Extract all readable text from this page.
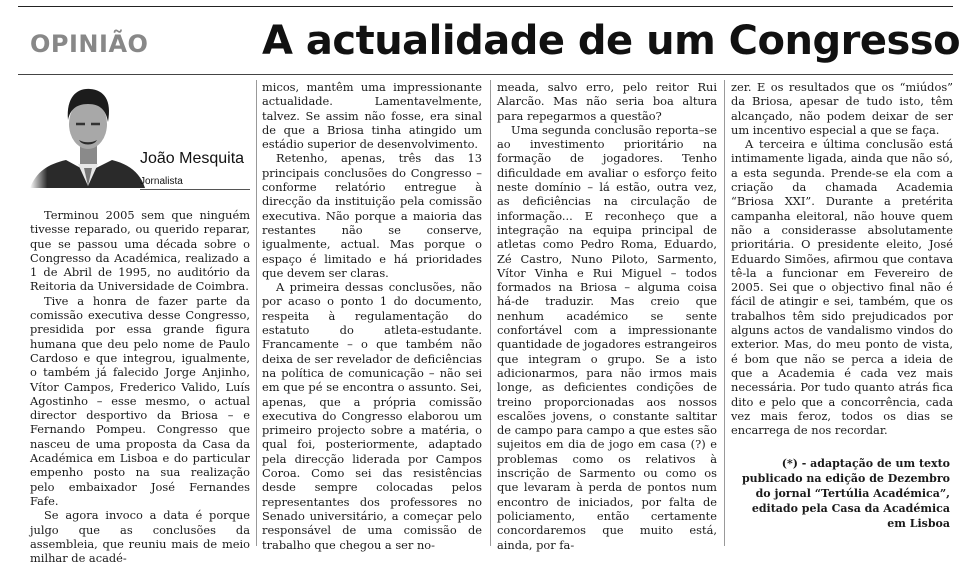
OPINIÃO	A actualidade de um Congresso
João Mesquita
Jornalista

Terminou 2005 sem que ninguém tivesse reparado, ou querido reparar, que se passou uma década sobre o Congresso da Académica, realizado a 1 de Abril de 1995, no auditório da Reitoria da Universidade de Coimbra.

Tive a honra de fazer parte da comissão executiva desse Congresso, presidida por essa grande figura humana que deu pelo nome de Paulo Cardoso e que integrou, igualmente, o também já falecido Jorge Anjinho, Vítor Campos, Frederico Valido, Luís Agostinho – esse mesmo, o actual director desportivo da Briosa – e Fernando Pompeu. Congresso que nasceu de uma proposta da Casa da Académica em Lisboa e do particular empenho posto na sua realização pelo embaixador José Fernandes Fafe.

Se agora invoco a data é porque julgo que as conclusões da assembleia, que reuniu mais de meio milhar de acadé-

micos, mantêm uma impressionante actualidade. Lamentavelmente, talvez. Se assim não fosse, era sinal de que a Briosa tinha atingido um estádio superior de desenvolvimento.

Retenho, apenas, três das 13 principais conclusões do Congresso – conforme relatório entregue à direcção da instituição pela comissão executiva. Não porque a maioria das restantes não se conserve, igualmente, actual. Mas porque o espaço é limitado e há prioridades que devem ser claras.

A primeira dessas conclusões, não por acaso o ponto 1 do documento, respeita à regulamentação do estatuto do atleta-estudante. Francamente – o que também não deixa de ser revelador de deficiências na política de comunicação – não sei em que pé se encontra o assunto. Sei, apenas, que a própria comissão executiva do Congresso elaborou um primeiro projecto sobre a matéria, o qual foi, posteriormente, adaptado pela direcção liderada por Campos Coroa. Como sei das resistências desde sempre colocadas pelos representantes dos professores no Senado universitário, a começar pelo responsável de uma comissão de trabalho que chegou a ser no-

meada, salvo erro, pelo reitor Rui Alarcão. Mas não seria boa altura para repegarmos a questão?

Uma segunda conclusão reporta–se ao investimento prioritário na formação de jogadores. Tenho dificuldade em avaliar o esforço feito neste domínio – lá estão, outra vez, as deficiências na circulação de informação... E reconheço que a integração na equipa principal de atletas como Pedro Roma, Eduardo, Zé Castro, Nuno Piloto, Sarmento, Vítor Vinha e Rui Miguel – todos formados na Briosa – alguma coisa há-de traduzir. Mas creio que nenhum académico se sente confortável com a impressionante quantidade de jogadores estrangeiros que integram o grupo. Se a isto adicionarmos, para não irmos mais longe, as deficientes condições de treino proporcionadas aos nossos escalões jovens, o constante saltitar de campo para campo a que estes são sujeitos em dia de jogo em casa (?) e problemas como os relativos à inscrição de Sarmento ou como os que levaram à perda de pontos num encontro de iniciados, por falta de policiamento, então certamente concordaremos que muito está, ainda, por fa-

zer. E os resultados que os “miúdos” da Briosa, apesar de tudo isto, têm alcançado, não podem deixar de ser um incentivo especial a que se faça.

A terceira e última conclusão está intimamente ligada, ainda que não só, a esta segunda. Prende-se ela com a criação da chamada Academia “Briosa XXI”. Durante a pretérita campanha eleitoral, não houve quem não a considerasse absolutamente prioritária. O presidente eleito, José Eduardo Simões, afirmou que contava tê-la a funcionar em Fevereiro de 2005. Sei que o objectivo final não é fácil de atingir e sei, também, que os trabalhos têm sido prejudicados por alguns actos de vandalismo vindos do exterior. Mas, do meu ponto de vista, é bom que não se perca a ideia de que a Academia é cada vez mais necessária. Por tudo quanto atrás fica dito e pelo que a concorrência, cada vez mais feroz, todos os dias se encarrega de nos recordar.

(*) - adaptação de um texto publicado na edição de Dezembro do jornal “Tertúlia Académica”, editado pela Casa da Académica em Lisboa
